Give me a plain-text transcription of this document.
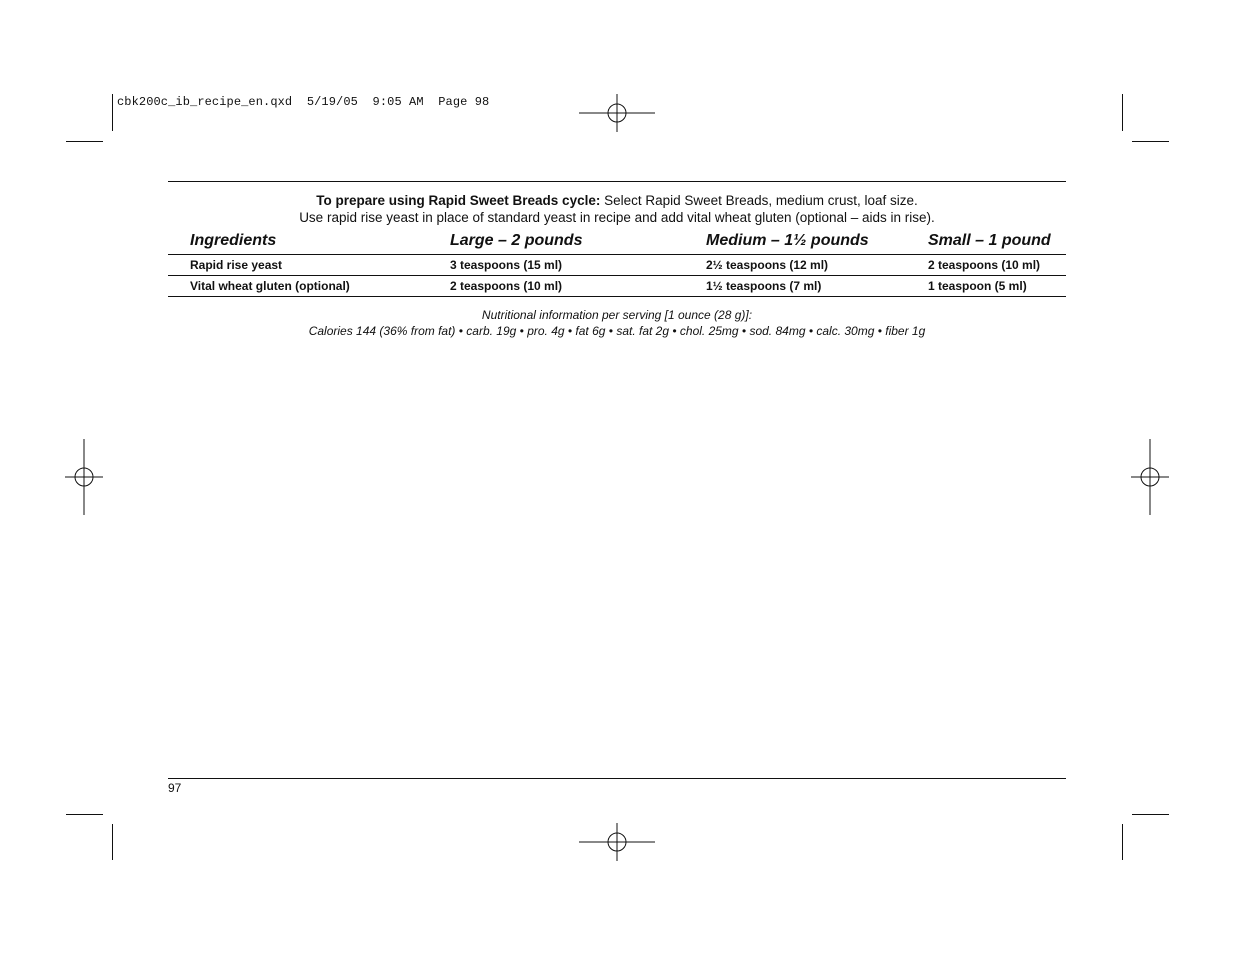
cbk200c_ib_recipe_en.qxd  5/19/05  9:05 AM  Page 98
To prepare using Rapid Sweet Breads cycle: Select Rapid Sweet Breads, medium crust, loaf size.
Use rapid rise yeast in place of standard yeast in recipe and add vital wheat gluten (optional – aids in rise).
Ingredients	Large – 2 pounds	Medium – 1½ pounds	Small – 1 pound
Rapid rise yeast	3 teaspoons (15 ml)	2½ teaspoons (12 ml)	2 teaspoons (10 ml)
Vital wheat gluten (optional)	2 teaspoons (10 ml)	1½ teaspoons (7 ml)	1 teaspoon (5 ml)
Nutritional information per serving [1 ounce (28 g)]:
Calories 144 (36% from fat) • carb. 19g • pro. 4g • fat 6g • sat. fat 2g • chol. 25mg • sod. 84mg • calc. 30mg • fiber 1g
97
